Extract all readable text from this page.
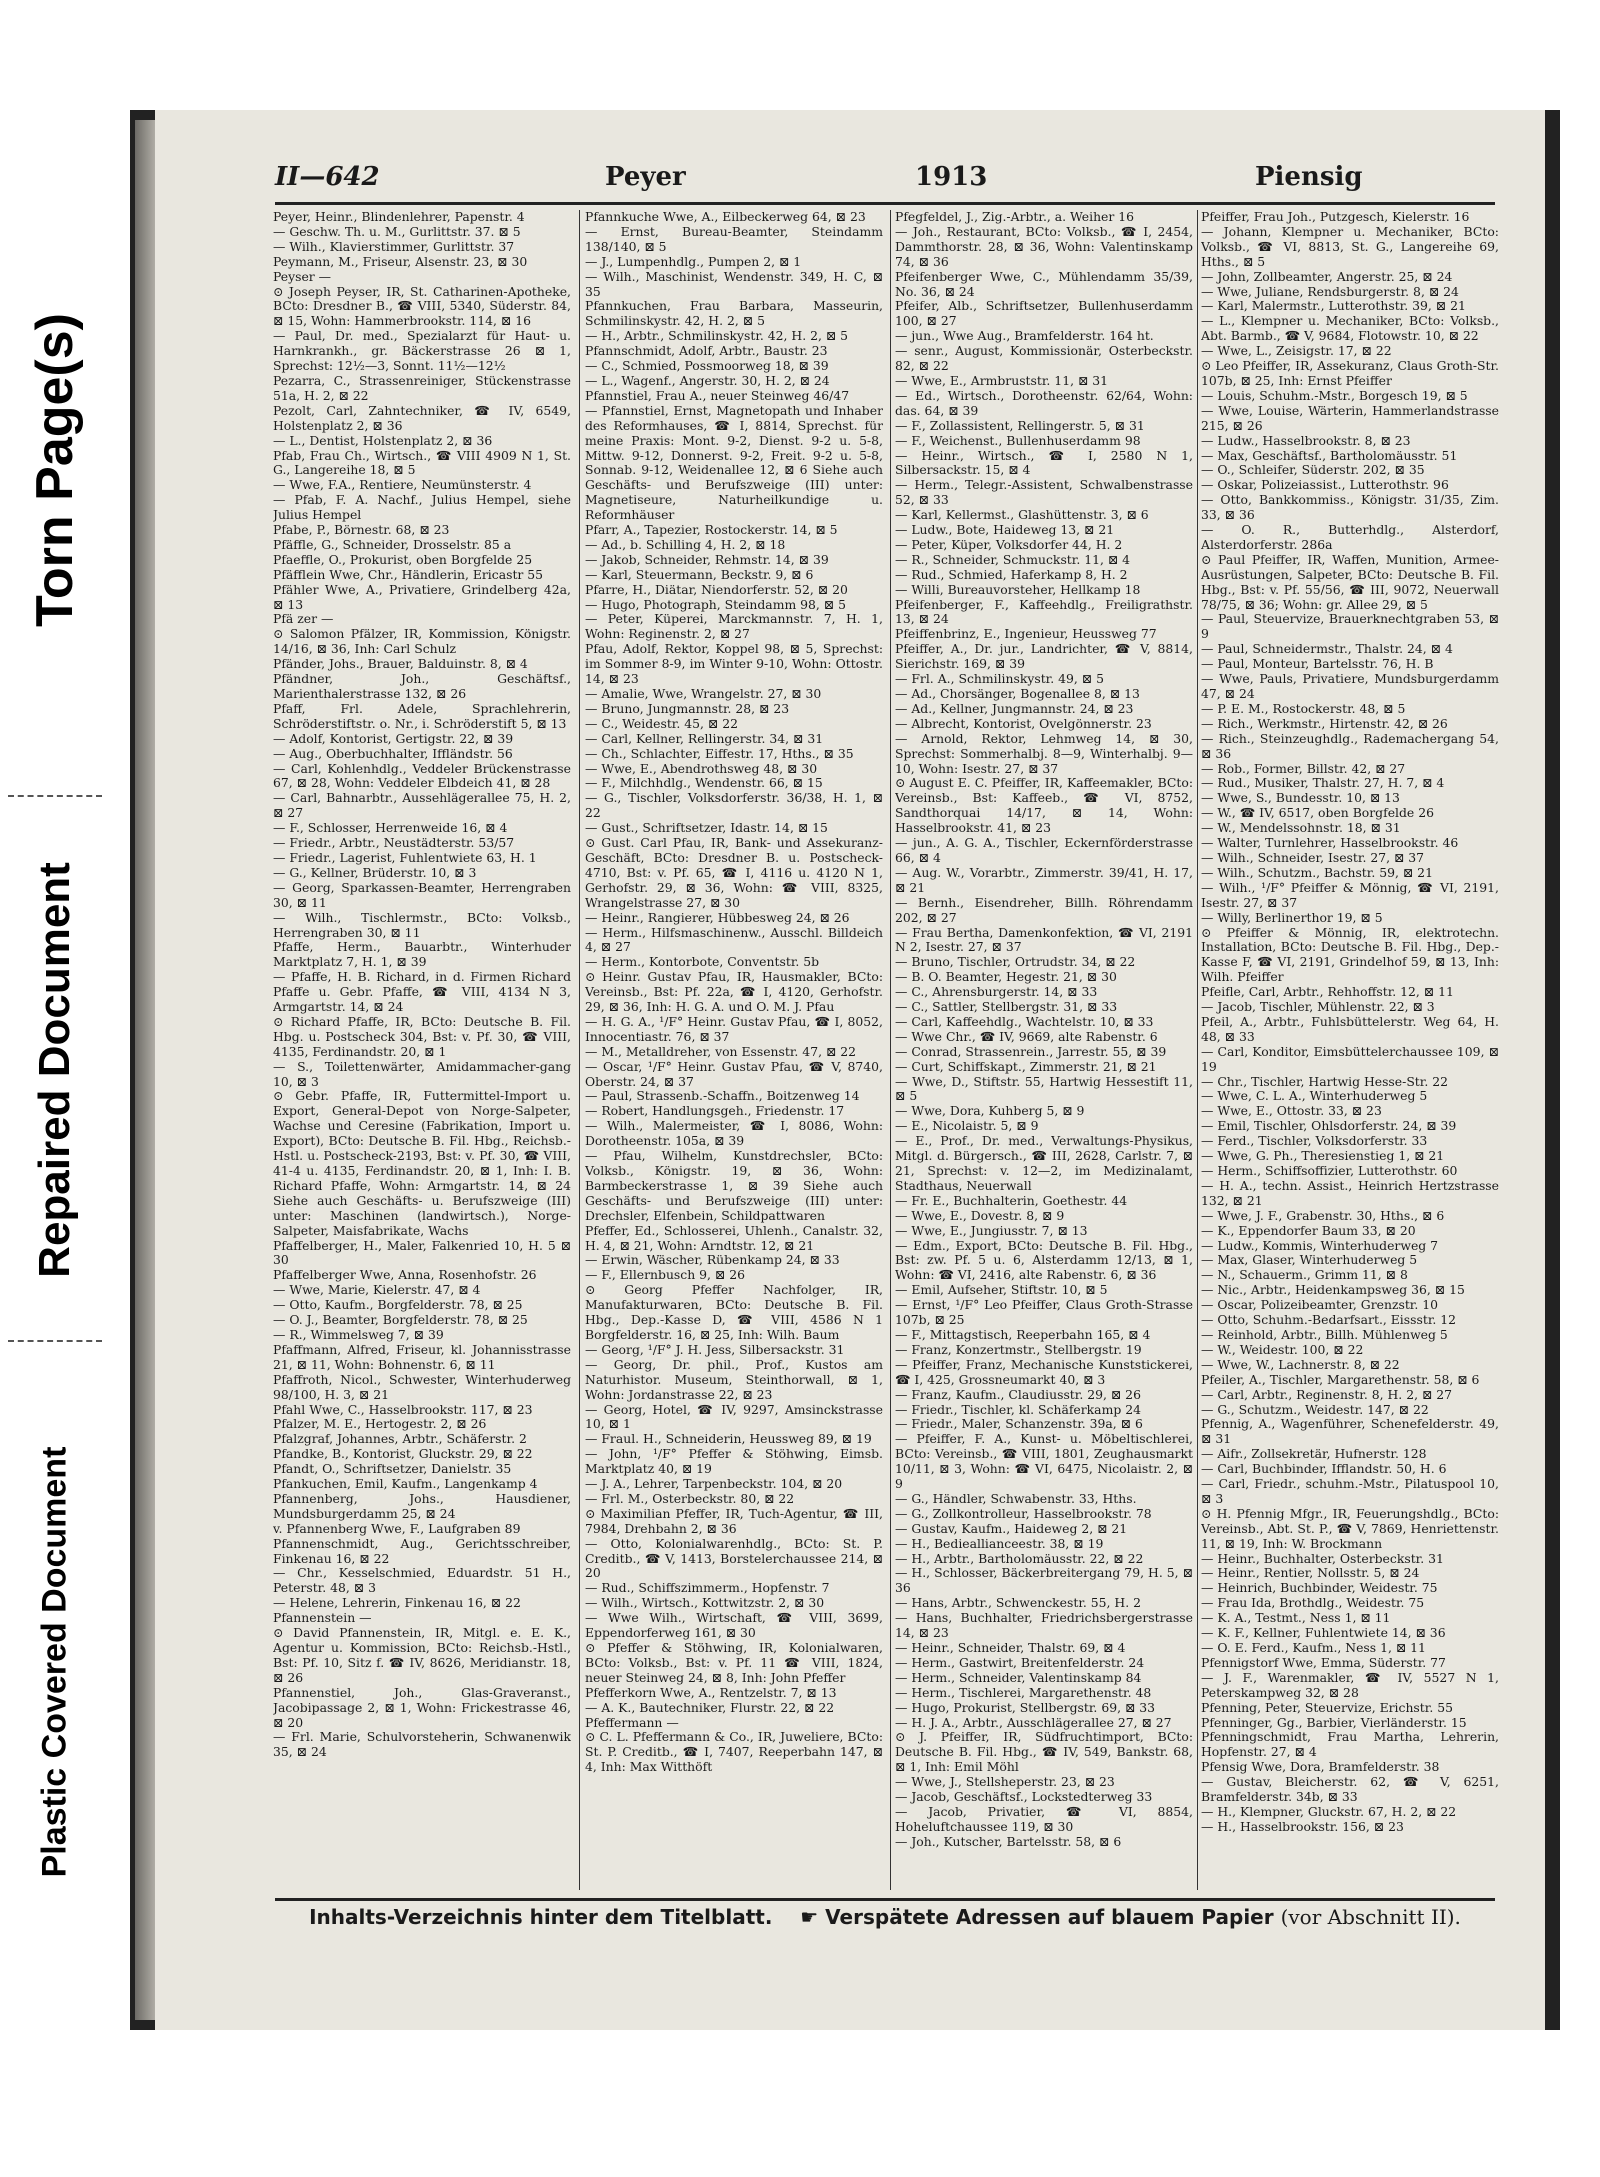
Torn Page(s)
Repaired Document
Plastic Covered Document
II—642	Peyer	1913	Piensig

Peyer, Heinr., Blindenlehrer, Papenstr. 4

— Geschw. Th. u. M., Gurlittstr. 37. ⊠ 5

— Wilh., Klavierstimmer, Gurlittstr. 37

Peymann, M., Friseur, Alsenstr. 23, ⊠ 30

Peyser —

⊙ Joseph Peyser, IR, St. Catharinen-Apotheke, BCto: Dresdner B., ☎ VIII, 5340, Süderstr. 84, ⊠ 15, Wohn: Hammerbrookstr. 114, ⊠ 16

— Paul, Dr. med., Spezialarzt für Haut- u. Harnkrankh., gr. Bäckerstrasse 26 ⊠ 1, Sprechst: 12½—3, Sonnt. 11½—12½

Pezarra, C., Strassenreiniger, Stückenstrasse 51a, H. 2, ⊠ 22

Pezolt, Carl, Zahntechniker, ☎ IV, 6549, Holstenplatz 2, ⊠ 36

— L., Dentist, Holstenplatz 2, ⊠ 36

Pfab, Frau Ch., Wirtsch., ☎ VIII 4909 N 1, St. G., Langereihe 18, ⊠ 5

— Wwe, F.A., Rentiere, Neumünsterstr. 4

— Pfab, F. A. Nachf., Julius Hempel, siehe Julius Hempel

Pfabe, P., Börnestr. 68, ⊠ 23

Pfäffle, G., Schneider, Drosselstr. 85 a

Pfaeffle, O., Prokurist, oben Borgfelde 25

Pfäfflein Wwe, Chr., Händlerin, Ericastr 55

Pfähler Wwe, A., Privatiere, Grindelberg 42a, ⊠ 13

Pfä zer —

⊙ Salomon Pfälzer, IR, Kommission, Königstr. 14/16, ⊠ 36, Inh: Carl Schulz

Pfänder, Johs., Brauer, Balduinstr. 8, ⊠ 4

Pfändner, Joh., Geschäftsf., Marienthalerstrasse 132, ⊠ 26

Pfaff, Frl. Adele, Sprachlehrerin, Schröderstiftstr. o. Nr., i. Schröderstift 5, ⊠ 13

— Adolf, Kontorist, Gertigstr. 22, ⊠ 39

— Aug., Oberbuchhalter, Iffländstr. 56

— Carl, Kohlenhdlg., Veddeler Brückenstrasse 67, ⊠ 28, Wohn: Veddeler Elbdeich 41, ⊠ 28

— Carl, Bahnarbtr., Aussehlägerallee 75, H. 2, ⊠ 27

— F., Schlosser, Herrenweide 16, ⊠ 4

— Friedr., Arbtr., Neustädterstr. 53/57

— Friedr., Lagerist, Fuhlentwiete 63, H. 1

— G., Kellner, Brüderstr. 10, ⊠ 3

— Georg, Sparkassen-Beamter, Herrengraben 30, ⊠ 11

— Wilh., Tischlermstr., BCto: Volksb., Herrengraben 30, ⊠ 11

Pfaffe, Herm., Bauarbtr., Winterhuder Marktplatz 7, H. 1, ⊠ 39

— Pfaffe, H. B. Richard, in d. Firmen Richard Pfaffe u. Gebr. Pfaffe, ☎ VIII, 4134 N 3, Armgartstr. 14, ⊠ 24

⊙ Richard Pfaffe, IR, BCto: Deutsche B. Fil. Hbg. u. Postscheck 304, Bst: v. Pf. 30, ☎ VIII, 4135, Ferdinandstr. 20, ⊠ 1

— S., Toilettenwärter, Amidammacher-gang 10, ⊠ 3

⊙ Gebr. Pfaffe, IR, Futtermittel-Import u. Export, General-Depot von Norge-Salpeter, Wachse und Ceresine (Fabrikation, Import u. Export), BCto: Deutsche B. Fil. Hbg., Reichsb.-Hstl. u. Postscheck-2193, Bst: v. Pf. 30, ☎ VIII, 41-4 u. 4135, Ferdinandstr. 20, ⊠ 1, Inh: I. B. Richard Pfaffe, Wohn: Armgartstr. 14, ⊠ 24 Siehe auch Geschäfts- u. Berufszweige (III) unter: Maschinen (landwirtsch.), Norge-Salpeter, Maisfabrikate, Wachs

Pfaffelberger, H., Maler, Falkenried 10, H. 5 ⊠ 30

Pfaffelberger Wwe, Anna, Rosenhofstr. 26

— Wwe, Marie, Kielerstr. 47, ⊠ 4

— Otto, Kaufm., Borgfelderstr. 78, ⊠ 25

— O. J., Beamter, Borgfelderstr. 78, ⊠ 25

— R., Wimmelsweg 7, ⊠ 39

Pfaffmann, Alfred, Friseur, kl. Johannisstrasse 21, ⊠ 11, Wohn: Bohnenstr. 6, ⊠ 11

Pfaffroth, Nicol., Schwester, Winterhuderweg 98/100, H. 3, ⊠ 21

Pfahl Wwe, C., Hasselbrookstr. 117, ⊠ 23

Pfalzer, M. E., Hertogestr. 2, ⊠ 26

Pfalzgraf, Johannes, Arbtr., Schäferstr. 2

Pfandke, B., Kontorist, Gluckstr. 29, ⊠ 22

Pfandt, O., Schriftsetzer, Danielstr. 35

Pfankuchen, Emil, Kaufm., Langenkamp 4

Pfannenberg, Johs., Hausdiener, Mundsburgerdamm 25, ⊠ 24

v. Pfannenberg Wwe, F., Laufgraben 89

Pfannenschmidt, Aug., Gerichtsschreiber, Finkenau 16, ⊠ 22

— Chr., Kesselschmied, Eduardstr. 51 H., Peterstr. 48, ⊠ 3

— Helene, Lehrerin, Finkenau 16, ⊠ 22

Pfannenstein —

⊙ David Pfannenstein, IR, Mitgl. e. E. K., Agentur u. Kommission, BCto: Reichsb.-Hstl., Bst: Pf. 10, Sitz f. ☎ IV, 8626, Meridianstr. 18, ⊠ 26

Pfannenstiel, Joh., Glas-Graveranst., Jacobipassage 2, ⊠ 1, Wohn: Frickestrasse 46, ⊠ 20

— Frl. Marie, Schulvorsteherin, Schwanenwik 35, ⊠ 24

Pfannkuche Wwe, A., Eilbeckerweg 64, ⊠ 23

— Ernst, Bureau-Beamter, Steindamm 138/140, ⊠ 5

— J., Lumpenhdlg., Pumpen 2, ⊠ 1

— Wilh., Maschinist, Wendenstr. 349, H. C, ⊠ 35

Pfannkuchen, Frau Barbara, Masseurin, Schmilinskystr. 42, H. 2, ⊠ 5

— H., Arbtr., Schmilinskystr. 42, H. 2, ⊠ 5

Pfannschmidt, Adolf, Arbtr., Baustr. 23

— C., Schmied, Possmoorweg 18, ⊠ 39

— L., Wagenf., Angerstr. 30, H. 2, ⊠ 24

Pfannstiel, Frau A., neuer Steinweg 46/47

— Pfannstiel, Ernst, Magnetopath und Inhaber des Reformhauses, ☎ I, 8814, Sprechst. für meine Praxis: Mont. 9-2, Dienst. 9-2 u. 5-8, Mittw. 9-12, Donnerst. 9-2, Freit. 9-2 u. 5-8, Sonnab. 9-12, Weidenallee 12, ⊠ 6 Siehe auch Geschäfts- und Berufszweige (III) unter: Magnetiseure, Naturheilkundige u. Reformhäuser

Pfarr, A., Tapezier, Rostockerstr. 14, ⊠ 5

— Ad., b. Schilling 4, H. 2, ⊠ 18

— Jakob, Schneider, Rehmstr. 14, ⊠ 39

— Karl, Steuermann, Beckstr. 9, ⊠ 6

Pfarre, H., Diätar, Niendorferstr. 52, ⊠ 20

— Hugo, Photograph, Steindamm 98, ⊠ 5

— Peter, Küperei, Marckmannstr. 7, H. 1, Wohn: Reginenstr. 2, ⊠ 27

Pfau, Adolf, Rektor, Koppel 98, ⊠ 5, Sprechst: im Sommer 8-9, im Winter 9-10, Wohn: Ottostr. 14, ⊠ 23

— Amalie, Wwe, Wrangelstr. 27, ⊠ 30

— Bruno, Jungmannstr. 28, ⊠ 23

— C., Weidestr. 45, ⊠ 22

— Carl, Kellner, Rellingerstr. 34, ⊠ 31

— Ch., Schlachter, Eiffestr. 17, Hths., ⊠ 35

— Wwe, E., Abendrothsweg 48, ⊠ 30

— F., Milchhdlg., Wendenstr. 66, ⊠ 15

— G., Tischler, Volksdorferstr. 36/38, H. 1, ⊠ 22

— Gust., Schriftsetzer, Idastr. 14, ⊠ 15

⊙ Gust. Carl Pfau, IR, Bank- und Assekuranz-Geschäft, BCto: Dresdner B. u. Postscheck-4710, Bst: v. Pf. 65, ☎ I, 4116 u. 4120 N 1, Gerhofstr. 29, ⊠ 36, Wohn: ☎ VIII, 8325, Wrangelstrasse 27, ⊠ 30

— Heinr., Rangierer, Hübbesweg 24, ⊠ 26

— Herm., Hilfsmaschinenw., Ausschl. Billdeich 4, ⊠ 27

— Herm., Kontorbote, Conventstr. 5b

⊙ Heinr. Gustav Pfau, IR, Hausmakler, BCto: Vereinsb., Bst: Pf. 22a, ☎ I, 4120, Gerhofstr. 29, ⊠ 36, Inh: H. G. A. und O. M. J. Pfau

— H. G. A., ¹/F° Heinr. Gustav Pfau, ☎ I, 8052, Innocentiastr. 76, ⊠ 37

— M., Metalldreher, von Essenstr. 47, ⊠ 22

— Oscar, ¹/F° Heinr. Gustav Pfau, ☎ V, 8740, Oberstr. 24, ⊠ 37

— Paul, Strassenb.-Schaffn., Boitzenweg 14

— Robert, Handlungsgeh., Friedenstr. 17

— Wilh., Malermeister, ☎ I, 8086, Wohn: Dorotheenstr. 105a, ⊠ 39

— Pfau, Wilhelm, Kunstdrechsler, BCto: Volksb., Königstr. 19, ⊠ 36, Wohn: Barmbeckerstrasse 1, ⊠ 39 Siehe auch Geschäfts- und Berufszweige (III) unter: Drechsler, Elfenbein, Schildpattwaren

Pfeffer, Ed., Schlosserei, Uhlenh., Canalstr. 32, H. 4, ⊠ 21, Wohn: Arndtstr. 12, ⊠ 21

— Erwin, Wäscher, Rübenkamp 24, ⊠ 33

— F., Ellernbusch 9, ⊠ 26

⊙ Georg Pfeffer Nachfolger, IR, Manufakturwaren, BCto: Deutsche B. Fil. Hbg., Dep.-Kasse D, ☎ VIII, 4586 N 1 Borgfelderstr. 16, ⊠ 25, Inh: Wilh. Baum

— Georg, ¹/F° J. H. Jess, Silbersackstr. 31

— Georg, Dr. phil., Prof., Kustos am Naturhistor. Museum, Steinthorwall, ⊠ 1, Wohn: Jordanstrasse 22, ⊠ 23

— Georg, Hotel, ☎ IV, 9297, Amsinckstrasse 10, ⊠ 1

— Fraul. H., Schneiderin, Heussweg 89, ⊠ 19

— John, ¹/F° Pfeffer & Stöhwing, Eimsb. Marktplatz 40, ⊠ 19

— J. A., Lehrer, Tarpenbeckstr. 104, ⊠ 20

— Frl. M., Osterbeckstr. 80, ⊠ 22

⊙ Maximilian Pfeffer, IR, Tuch-Agentur, ☎ III, 7984, Drehbahn 2, ⊠ 36

— Otto, Kolonialwarenhdlg., BCto: St. P. Creditb., ☎ V, 1413, Borstelerchaussee 214, ⊠ 20

— Rud., Schiffszimmerm., Hopfenstr. 7

— Wilh., Wirtsch., Kottwitzstr. 2, ⊠ 30

— Wwe Wilh., Wirtschaft, ☎ VIII, 3699, Eppendorferweg 161, ⊠ 30

⊙ Pfeffer & Stöhwing, IR, Kolonialwaren, BCto: Volksb., Bst: v. Pf. 11 ☎ VIII, 1824, neuer Steinweg 24, ⊠ 8, Inh: John Pfeffer

Pfefferkorn Wwe, A., Rentzelstr. 7, ⊠ 13

— A. K., Bautechniker, Flurstr. 22, ⊠ 22

Pfeffermann —

⊙ C. L. Pfeffermann & Co., IR, Juweliere, BCto: St. P. Creditb., ☎ I, 7407, Reeperbahn 147, ⊠ 4, Inh: Max Witthöft

Pfegfeldel, J., Zig.-Arbtr., a. Weiher 16

— Joh., Restaurant, BCto: Volksb., ☎ I, 2454, Dammthorstr. 28, ⊠ 36, Wohn: Valentinskamp 74, ⊠ 36

Pfeifenberger Wwe, C., Mühlendamm 35/39, No. 36, ⊠ 24

Pfeifer, Alb., Schriftsetzer, Bullenhuserdamm 100, ⊠ 27

— jun., Wwe Aug., Bramfelderstr. 164 ht.

— senr., August, Kommissionär, Osterbeckstr. 82, ⊠ 22

— Wwe, E., Armbruststr. 11, ⊠ 31

— Ed., Wirtsch., Dorotheenstr. 62/64, Wohn: das. 64, ⊠ 39

— F., Zollassistent, Rellingerstr. 5, ⊠ 31

— F., Weichenst., Bullenhuserdamm 98

— Heinr., Wirtsch., ☎ I, 2580 N 1, Silbersackstr. 15, ⊠ 4

— Herm., Telegr.-Assistent, Schwalbenstrasse 52, ⊠ 33

— Karl, Kellermst., Glashüttenstr. 3, ⊠ 6

— Ludw., Bote, Haideweg 13, ⊠ 21

— Peter, Küper, Volksdorfer 44, H. 2

— R., Schneider, Schmuckstr. 11, ⊠ 4

— Rud., Schmied, Haferkamp 8, H. 2

— Willi, Bureauvorsteher, Hellkamp 18

Pfeifenberger, F., Kaffeehdlg., Freiligrathstr. 13, ⊠ 24

Pfeiffenbrinz, E., Ingenieur, Heussweg 77

Pfeiffer, A., Dr. jur., Landrichter, ☎ V, 8814, Sierichstr. 169, ⊠ 39

— Frl. A., Schmilinskystr. 49, ⊠ 5

— Ad., Chorsänger, Bogenallee 8, ⊠ 13

— Ad., Kellner, Jungmannstr. 24, ⊠ 23

— Albrecht, Kontorist, Ovelgönnerstr. 23

— Arnold, Rektor, Lehmweg 14, ⊠ 30, Sprechst: Sommerhalbj. 8—9, Winterhalbj. 9—10, Wohn: Isestr. 27, ⊠ 37

⊙ August E. C. Pfeiffer, IR, Kaffeemakler, BCto: Vereinsb., Bst: Kaffeeb., ☎ VI, 8752, Sandthorquai 14/17, ⊠ 14, Wohn: Hasselbrookstr. 41, ⊠ 23

— jun., A. G. A., Tischler, Eckernförderstrasse 66, ⊠ 4

— Aug. W., Vorarbtr., Zimmerstr. 39/41, H. 17, ⊠ 21

— Bernh., Eisendreher, Billh. Röhrendamm 202, ⊠ 27

— Frau Bertha, Damenkonfektion, ☎ VI, 2191 N 2, Isestr. 27, ⊠ 37

— Bruno, Tischler, Ortrudstr. 34, ⊠ 22

— B. O. Beamter, Hegestr. 21, ⊠ 30

— C., Ahrensburgerstr. 14, ⊠ 33

— C., Sattler, Stellbergstr. 31, ⊠ 33

— Carl, Kaffeehdlg., Wachtelstr. 10, ⊠ 33

— Wwe Chr., ☎ IV, 9669, alte Rabenstr. 6

— Conrad, Strassenrein., Jarrestr. 55, ⊠ 39

— Curt, Schiffskapt., Zimmerstr. 21, ⊠ 21

— Wwe, D., Stiftstr. 55, Hartwig Hessestift 11, ⊠ 5

— Wwe, Dora, Kuhberg 5, ⊠ 9

— E., Nicolaistr. 5, ⊠ 9

— E., Prof., Dr. med., Verwaltungs-Physikus, Mitgl. d. Bürgersch., ☎ III, 2628, Carlstr. 7, ⊠ 21, Sprechst: v. 12—2, im Medizinalamt, Stadthaus, Neuerwall

— Fr. E., Buchhalterin, Goethestr. 44

— Wwe, E., Dovestr. 8, ⊠ 9

— Wwe, E., Jungiusstr. 7, ⊠ 13

— Edm., Export, BCto: Deutsche B. Fil. Hbg., Bst: zw. Pf. 5 u. 6, Alsterdamm 12/13, ⊠ 1, Wohn: ☎ VI, 2416, alte Rabenstr. 6, ⊠ 36

— Emil, Aufseher, Stiftstr. 10, ⊠ 5

— Ernst, ¹/F° Leo Pfeiffer, Claus Groth-Strasse 107b, ⊠ 25

— F., Mittagstisch, Reeperbahn 165, ⊠ 4

— Franz, Konzertmstr., Stellbergstr. 19

— Pfeiffer, Franz, Mechanische Kunststickerei, ☎ I, 425, Grossneumarkt 40, ⊠ 3

— Franz, Kaufm., Claudiusstr. 29, ⊠ 26

— Friedr., Tischler, kl. Schäferkamp 24

— Friedr., Maler, Schanzenstr. 39a, ⊠ 6

— Pfeiffer, F. A., Kunst- u. Möbeltischlerei, BCto: Vereinsb., ☎ VIII, 1801, Zeughausmarkt 10/11, ⊠ 3, Wohn: ☎ VI, 6475, Nicolaistr. 2, ⊠ 9

— G., Händler, Schwabenstr. 33, Hths.

— G., Zollkontrolleur, Hasselbrookstr. 78

— Gustav, Kaufm., Haideweg 2, ⊠ 21

— H., Bedieallianceestr. 38, ⊠ 19

— H., Arbtr., Bartholomäusstr. 22, ⊠ 22

— H., Schlosser, Bäckerbreitergang 79, H. 5, ⊠ 36

— Hans, Arbtr., Schwenckestr. 55, H. 2

— Hans, Buchhalter, Friedrichsbergerstrasse 14, ⊠ 23

— Heinr., Schneider, Thalstr. 69, ⊠ 4

— Herm., Gastwirt, Breitenfelderstr. 24

— Herm., Schneider, Valentinskamp 84

— Herm., Tischlerei, Margarethenstr. 48

— Hugo, Prokurist, Stellbergstr. 69, ⊠ 33

— H. J. A., Arbtr., Ausschlägerallee 27, ⊠ 27

⊙ J. Pfeiffer, IR, Südfruchtimport, BCto: Deutsche B. Fil. Hbg., ☎ IV, 549, Bankstr. 68, ⊠ 1, Inh: Emil Möhl

— Wwe, J., Stellsheperstr. 23, ⊠ 23

— Jacob, Geschäftsf., Lockstedterweg 33

— Jacob, Privatier, ☎ VI, 8854, Hoheluftchaussee 119, ⊠ 30

— Joh., Kutscher, Bartelsstr. 58, ⊠ 6

Pfeiffer, Frau Joh., Putzgesch, Kielerstr. 16

— Johann, Klempner u. Mechaniker, BCto: Volksb., ☎ VI, 8813, St. G., Langereihe 69, Hths., ⊠ 5

— John, Zollbeamter, Angerstr. 25, ⊠ 24

— Wwe, Juliane, Rendsburgerstr. 8, ⊠ 24

— Karl, Malermstr., Lutterothstr. 39, ⊠ 21

— L., Klempner u. Mechaniker, BCto: Volksb., Abt. Barmb., ☎ V, 9684, Flotowstr. 10, ⊠ 22

— Wwe, L., Zeisigstr. 17, ⊠ 22

⊙ Leo Pfeiffer, IR, Assekuranz, Claus Groth-Str. 107b, ⊠ 25, Inh: Ernst Pfeiffer

— Louis, Schuhm.-Mstr., Borgesch 19, ⊠ 5

— Wwe, Louise, Wärterin, Hammerlandstrasse 215, ⊠ 26

— Ludw., Hasselbrookstr. 8, ⊠ 23

— Max, Geschäftsf., Bartholomäusstr. 51

— O., Schleifer, Süderstr. 202, ⊠ 35

— Oskar, Polizeiassist., Lutterothstr. 96

— Otto, Bankkommiss., Königstr. 31/35, Zim. 33, ⊠ 36

— O. R., Butterhdlg., Alsterdorf, Alsterdorferstr. 286a

⊙ Paul Pfeiffer, IR, Waffen, Munition, Armee-Ausrüstungen, Salpeter, BCto: Deutsche B. Fil. Hbg., Bst: v. Pf. 55/56, ☎ III, 9072, Neuerwall 78/75, ⊠ 36; Wohn: gr. Allee 29, ⊠ 5

— Paul, Steuervize, Brauerknechtgraben 53, ⊠ 9

— Paul, Schneidermstr., Thalstr. 24, ⊠ 4

— Paul, Monteur, Bartelsstr. 76, H. B

— Wwe, Pauls, Privatiere, Mundsburgerdamm 47, ⊠ 24

— P. E. M., Rostockerstr. 48, ⊠ 5

— Rich., Werkmstr., Hirtenstr. 42, ⊠ 26

— Rich., Steinzeughdlg., Rademachergang 54, ⊠ 36

— Rob., Former, Billstr. 42, ⊠ 27

— Rud., Musiker, Thalstr. 27, H. 7, ⊠ 4

— Wwe, S., Bundesstr. 10, ⊠ 13

— W., ☎ IV, 6517, oben Borgfelde 26

— W., Mendelssohnstr. 18, ⊠ 31

— Walter, Turnlehrer, Hasselbrookstr. 46

— Wilh., Schneider, Isestr. 27, ⊠ 37

— Wilh., Schutzm., Bachstr. 59, ⊠ 21

— Wilh., ¹/F° Pfeiffer & Mönnig, ☎ VI, 2191, Isestr. 27, ⊠ 37

— Willy, Berlinerthor 19, ⊠ 5

⊙ Pfeiffer & Mönnig, IR, elektrotechn. Installation, BCto: Deutsche B. Fil. Hbg., Dep.-Kasse F, ☎ VI, 2191, Grindelhof 59, ⊠ 13, Inh: Wilh. Pfeiffer

Pfeifle, Carl, Arbtr., Rehhoffstr. 12, ⊠ 11

— Jacob, Tischler, Mühlenstr. 22, ⊠ 3

Pfeil, A., Arbtr., Fuhlsbüttelerstr. Weg 64, H. 48, ⊠ 33

— Carl, Konditor, Eimsbüttelerchaussee 109, ⊠ 19

— Chr., Tischler, Hartwig Hesse-Str. 22

— Wwe, C. L. A., Winterhuderweg 5

— Wwe, E., Ottostr. 33, ⊠ 23

— Emil, Tischler, Ohlsdorferstr. 24, ⊠ 39

— Ferd., Tischler, Volksdorferstr. 33

— Wwe, G. Ph., Theresienstieg 1, ⊠ 21

— Herm., Schiffsoffizier, Lutterothstr. 60

— H. A., techn. Assist., Heinrich Hertzstrasse 132, ⊠ 21

— Wwe, J. F., Grabenstr. 30, Hths., ⊠ 6

— K., Eppendorfer Baum 33, ⊠ 20

— Ludw., Kommis, Winterhuderweg 7

— Max, Glaser, Winterhuderweg 5

— N., Schauerm., Grimm 11, ⊠ 8

— Nic., Arbtr., Heidenkampsweg 36, ⊠ 15

— Oscar, Polizeibeamter, Grenzstr. 10

— Otto, Schuhm.-Bedarfsart., Eissstr. 12

— Reinhold, Arbtr., Billh. Mühlenweg 5

— W., Weidestr. 100, ⊠ 22

— Wwe, W., Lachnerstr. 8, ⊠ 22

Pfeiler, A., Tischler, Margarethenstr. 58, ⊠ 6

— Carl, Arbtr., Reginenstr. 8, H. 2, ⊠ 27

— G., Schutzm., Weidestr. 147, ⊠ 22

Pfennig, A., Wagenführer, Schenefelderstr. 49, ⊠ 31

— Aifr., Zollsekretär, Hufnerstr. 128

— Carl, Buchbinder, Ifflandstr. 50, H. 6

— Carl, Friedr., schuhm.-Mstr., Pilatuspool 10, ⊠ 3

⊙ H. Pfennig Mfgr., IR, Feuerungshdlg., BCto: Vereinsb., Abt. St. P., ☎ V, 7869, Henriettenstr. 11, ⊠ 19, Inh: W. Brockmann

— Heinr., Buchhalter, Osterbeckstr. 31

— Heinr., Rentier, Nollsstr. 5, ⊠ 24

— Heinrich, Buchbinder, Weidestr. 75

— Frau Ida, Brothdlg., Weidestr. 75

— K. A., Testmt., Ness 1, ⊠ 11

— K. F., Kellner, Fuhlentwiete 14, ⊠ 36

— O. E. Ferd., Kaufm., Ness 1, ⊠ 11

Pfennigstorf Wwe, Emma, Süderstr. 77

— J. F., Warenmakler, ☎ IV, 5527 N 1, Peterskampweg 32, ⊠ 28

Pfenning, Peter, Steuervize, Erichstr. 55

Pfenninger, Gg., Barbier, Vierländerstr. 15

Pfenningschmidt, Frau Martha, Lehrerin, Hopfenstr. 27, ⊠ 4

Pfensig Wwe, Dora, Bramfelderstr. 38

— Gustav, Bleicherstr. 62, ☎ V, 6251, Bramfelderstr. 34b, ⊠ 33

— H., Klempner, Gluckstr. 67, H. 2, ⊠ 22

— H., Hasselbrookstr. 156, ⊠ 23

Inhalts-Verzeichnis hinter dem Titelblatt. ☛ Verspätete Adressen auf blauem Papier (vor Abschnitt II).
